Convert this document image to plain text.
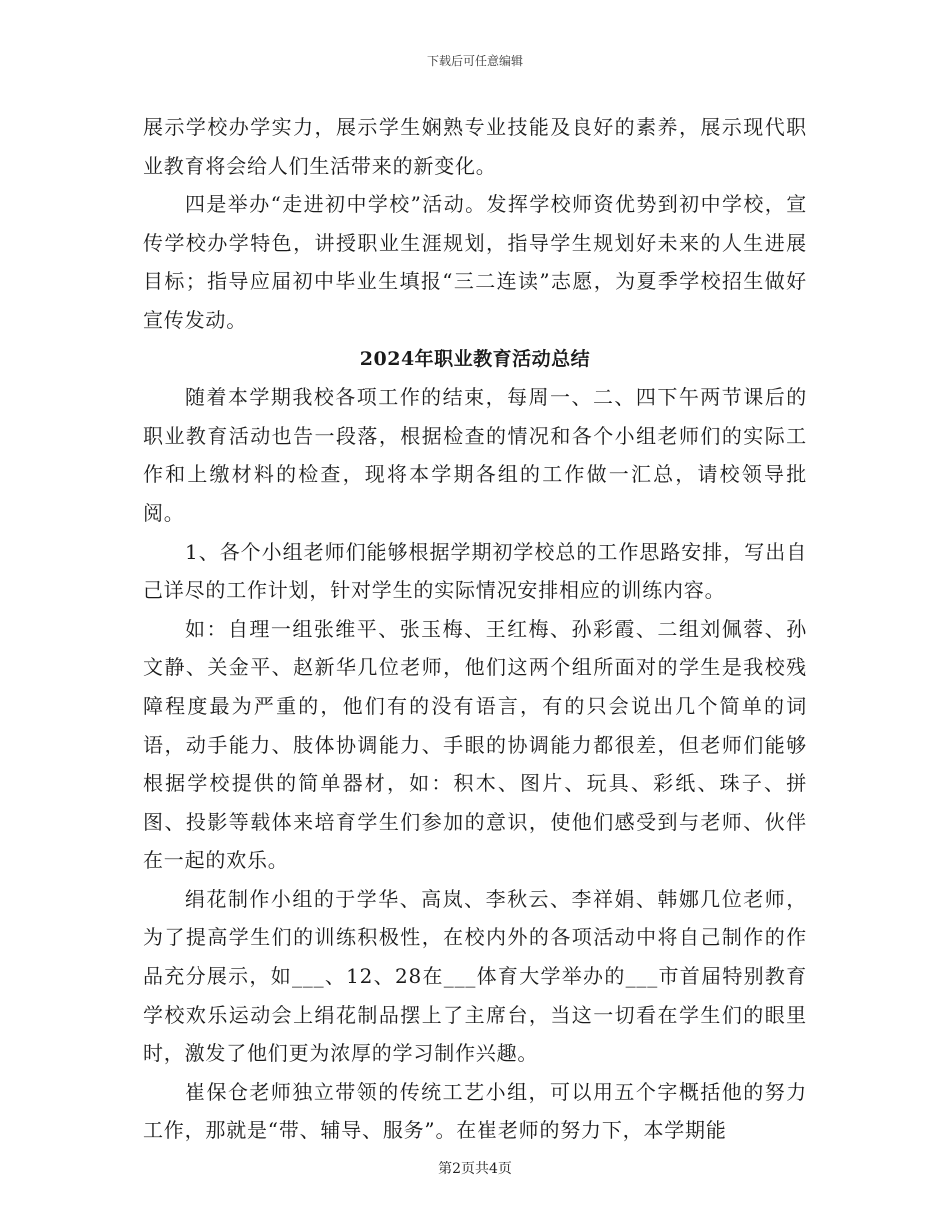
下载后可任意编辑

展示学校办学实力，展示学生娴熟专业技能及良好的素养，展示现代职业教育将会给人们生活带来的新变化。

四是举办“走进初中学校”活动。发挥学校师资优势到初中学校，宣传学校办学特色，讲授职业生涯规划，指导学生规划好未来的人生进展目标；指导应届初中毕业生填报“三二连读”志愿，为夏季学校招生做好宣传发动。

2024年职业教育活动总结

随着本学期我校各项工作的结束，每周一、二、四下午两节课后的职业教育活动也告一段落，根据检查的情况和各个小组老师们的实际工作和上缴材料的检查，现将本学期各组的工作做一汇总，请校领导批阅。

1、各个小组老师们能够根据学期初学校总的工作思路安排，写出自己详尽的工作计划，针对学生的实际情况安排相应的训练内容。

如：自理一组张维平、张玉梅、王红梅、孙彩霞、二组刘佩蓉、孙文静、关金平、赵新华几位老师，他们这两个组所面对的学生是我校残障程度最为严重的，他们有的没有语言，有的只会说出几个简单的词语，动手能力、肢体协调能力、手眼的协调能力都很差，但老师们能够根据学校提供的简单器材，如：积木、图片、玩具、彩纸、珠子、拼图、投影等载体来培育学生们参加的意识，使他们感受到与老师、伙伴在一起的欢乐。

绢花制作小组的于学华、高岚、李秋云、李祥娟、韩娜几位老师，为了提高学生们的训练积极性，在校内外的各项活动中将自己制作的作品充分展示，如___、12、28在___体育大学举办的___市首届特别教育学校欢乐运动会上绢花制品摆上了主席台，当这一切看在学生们的眼里时，激发了他们更为浓厚的学习制作兴趣。

崔保仓老师独立带领的传统工艺小组，可以用五个字概括他的努力工作，那就是“带、辅导、服务”。在崔老师的努力下，本学期能

第2页共4页
